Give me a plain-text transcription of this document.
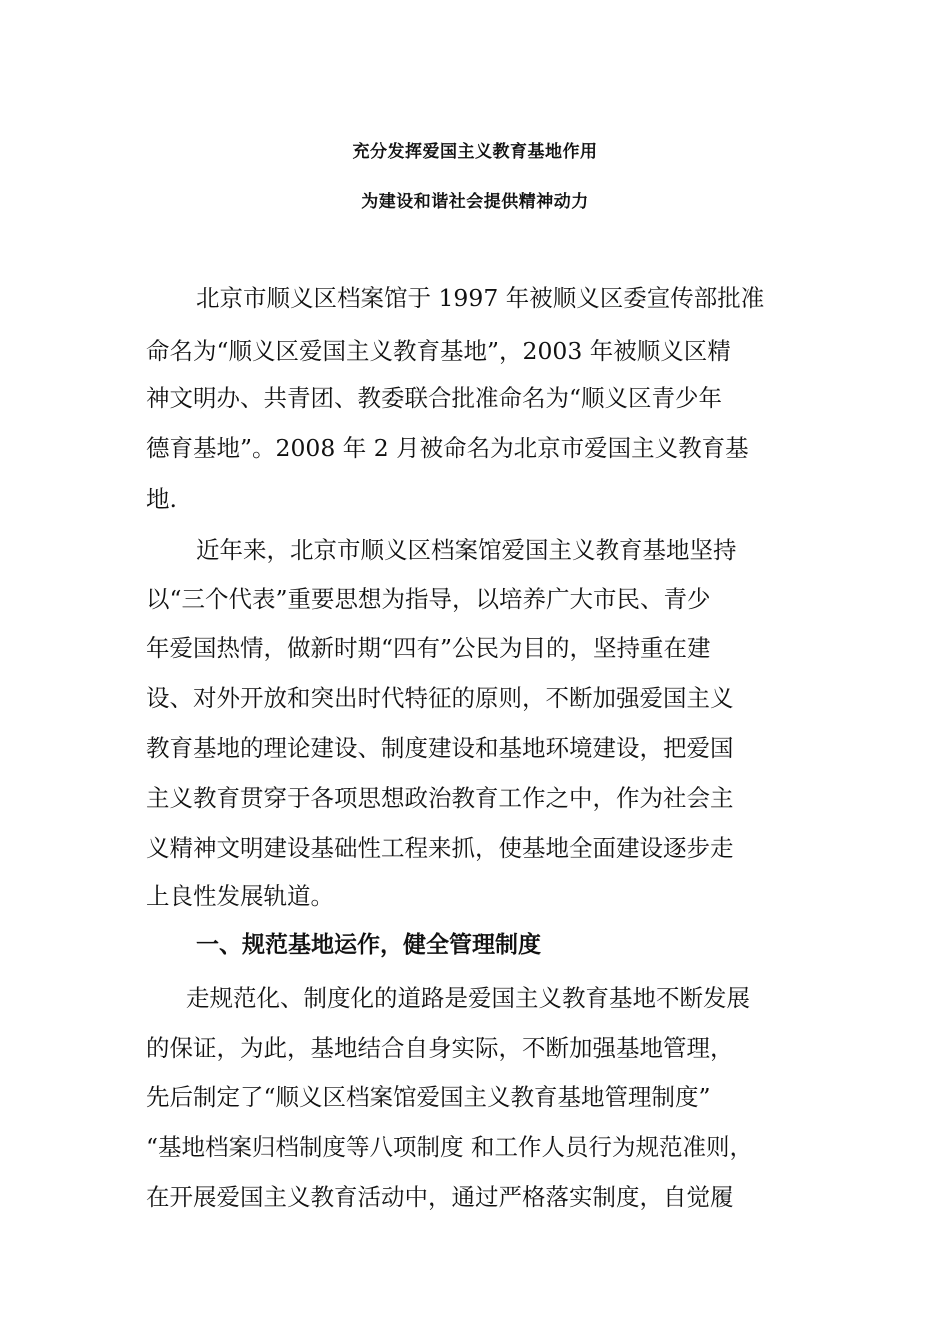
充分发挥爱国主义教育基地作用
为建设和谐社会提供精神动力
北京市顺义区档案馆于 1997 年被顺义区委宣传部批准
命名为“顺义区爱国主义教育基地”，2003 年被顺义区精
神文明办、共青团、教委联合批准命名为“顺义区青少年
德育基地”。2008 年 2 月被命名为北京市爱国主义教育基
地.
近年来，北京市顺义区档案馆爱国主义教育基地坚持
以“三个代表”重要思想为指导，以培养广大市民、青少
年爱国热情，做新时期“四有”公民为目的，坚持重在建
设、对外开放和突出时代特征的原则，不断加强爱国主义
教育基地的理论建设、制度建设和基地环境建设，把爱国
主义教育贯穿于各项思想政治教育工作之中，作为社会主
义精神文明建设基础性工程来抓，使基地全面建设逐步走
上良性发展轨道。
一、规范基地运作，健全管理制度
走规范化、制度化的道路是爱国主义教育基地不断发展
的保证，为此，基地结合自身实际，不断加强基地管理，
先后制定了“顺义区档案馆爱国主义教育基地管理制度”
“基地档案归档制度等八项制度 和工作人员行为规范准则，
在开展爱国主义教育活动中，通过严格落实制度，自觉履
